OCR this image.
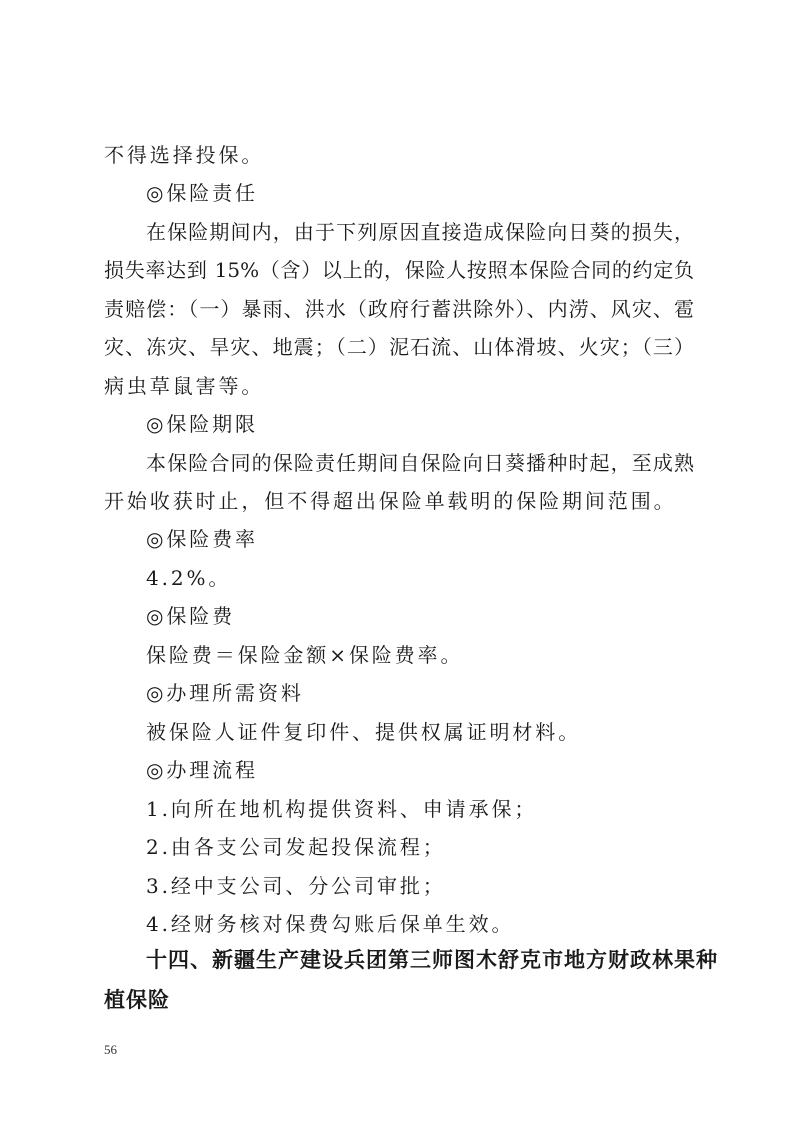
不得选择投保。
◎保险责任
在保险期间内，由于下列原因直接造成保险向日葵的损失，
损失率达到 15%（含）以上的，保险人按照本保险合同的约定负
责赔偿：（一）暴雨、洪水（政府行蓄洪除外）、内涝、风灾、雹
灾、冻灾、旱灾、地震；（二）泥石流、山体滑坡、火灾；（三）
病虫草鼠害等。
◎保险期限
本保险合同的保险责任期间自保险向日葵播种时起，至成熟
开始收获时止，但不得超出保险单载明的保险期间范围。
◎保险费率
4.2%。
◎保险费
保险费＝保险金额×保险费率。
◎办理所需资料
被保险人证件复印件、提供权属证明材料。
◎办理流程
1.向所在地机构提供资料、申请承保；
2.由各支公司发起投保流程；
3.经中支公司、分公司审批；
4.经财务核对保费勾账后保单生效。
十四、新疆生产建设兵团第三师图木舒克市地方财政林果种
植保险
56
